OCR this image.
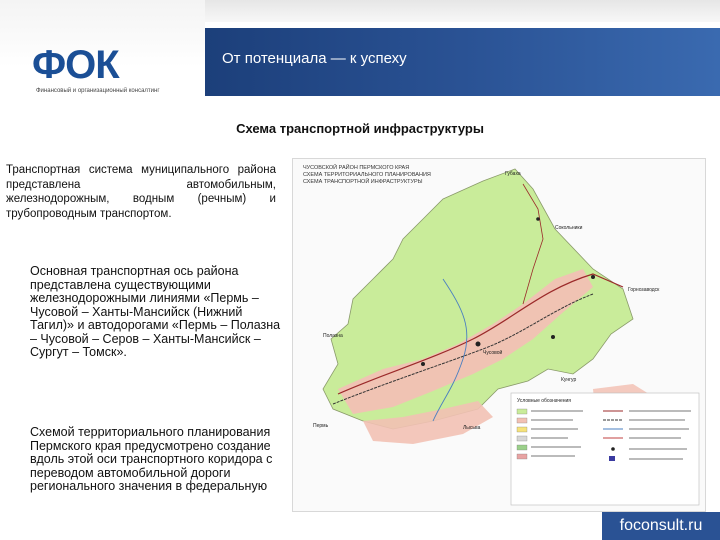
ФОК
Финансовый и организационный консалтинг
От потенциала — к успеху
Схема транспортной инфраструктуры
Транспортная система муниципального района представлена автомобильным, железнодорожным, водным (речным) и трубопроводным транспортом.
Основная транспортная ось района представлена существующими железнодорожными линиями «Пермь – Чусовой – Ханты-Мансийск (Нижний Тагил)» и автодорогами «Пермь – Полазна – Чусовой – Серов – Ханты-Мансийск – Сургут – Томск».
Схемой территориального планирования Пермского края предусмотрено создание вдоль этой оси транспортного коридора с переводом автомобильной дороги регионального значения в федеральную
ЧУСОВСКОЙ РАЙОН ПЕРМСКОГО КРАЯ
СХЕМА ТЕРРИТОРИАЛЬНОГО ПЛАНИРОВАНИЯ
СХЕМА ТРАНСПОРТНОЙ ИНФРАСТРУКТУРЫ
Губаха
Сокольники
Горнозаводск
Полазна
Чусовой
Кунгур
Лысьва
Пермь
Условные обозначения
foconsult.ru
